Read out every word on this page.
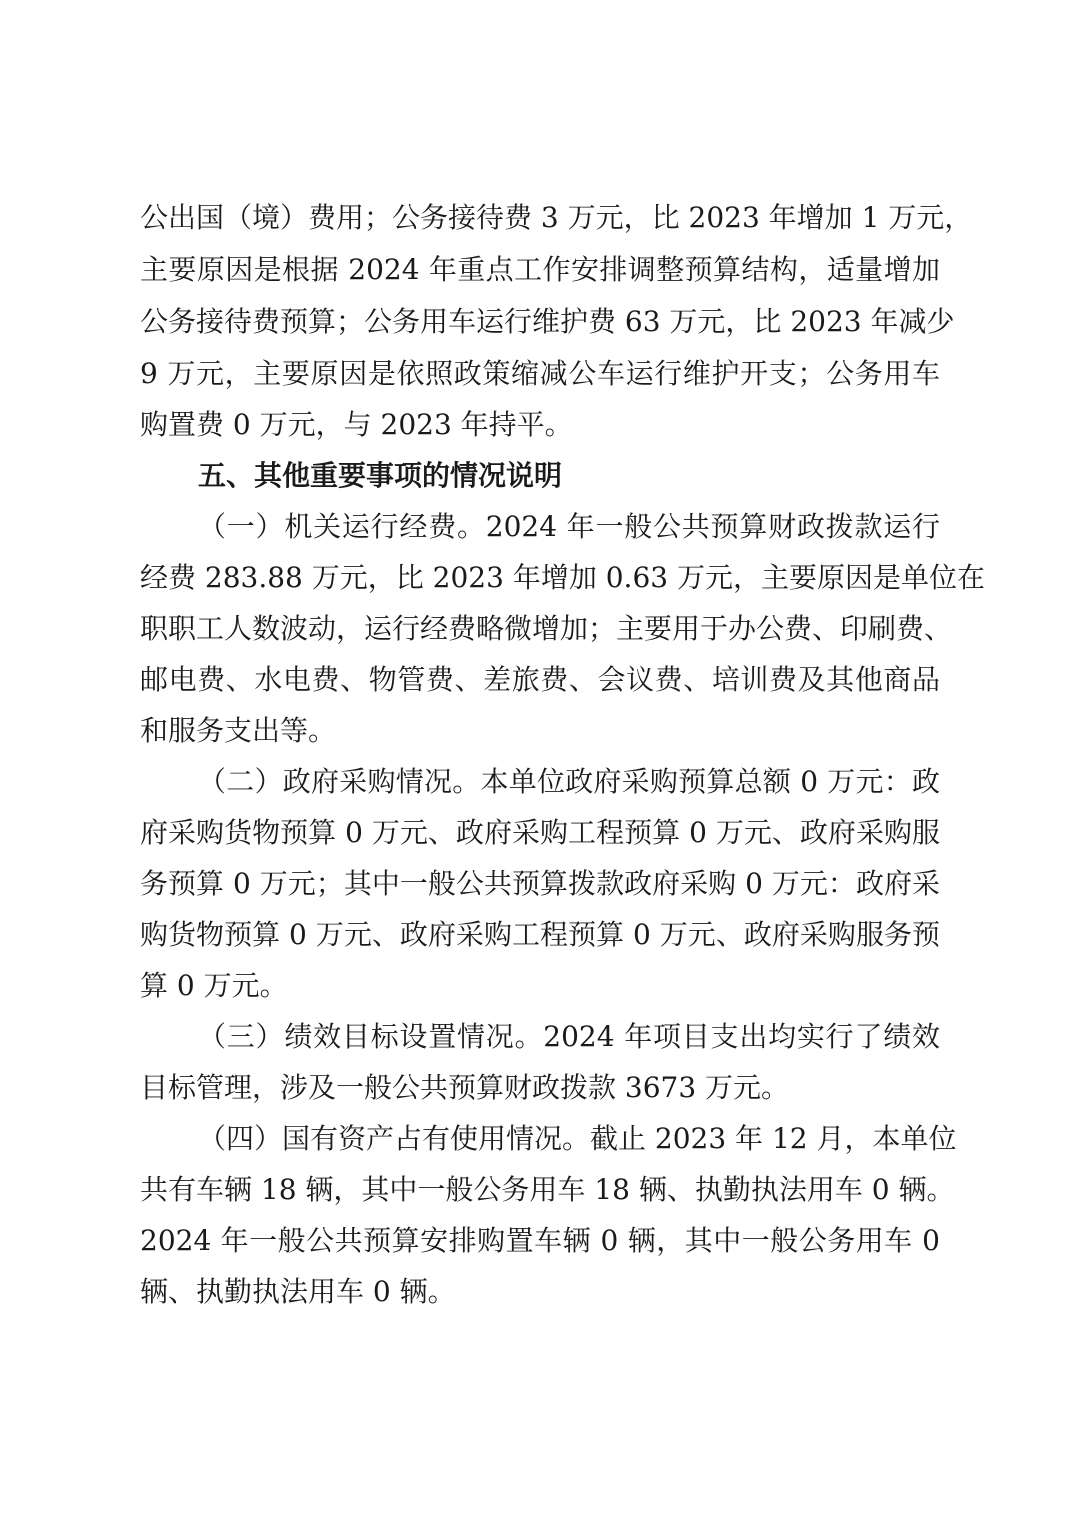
公出国（境）费用；公务接待费 3 万元，比 2023 年增加 1 万元，
主要原因是根据 2024 年重点工作安排调整预算结构，适量增加
公务接待费预算；公务用车运行维护费 63 万元，比 2023 年减少
9 万元，主要原因是依照政策缩减公车运行维护开支；公务用车
购置费 0 万元，与 2023 年持平。
五、其他重要事项的情况说明
（一）机关运行经费。2024 年一般公共预算财政拨款运行
经费 283.88 万元，比 2023 年增加 0.63 万元，主要原因是单位在
职职工人数波动，运行经费略微增加；主要用于办公费、印刷费、
邮电费、水电费、物管费、差旅费、会议费、培训费及其他商品
和服务支出等。
（二）政府采购情况。本单位政府采购预算总额 0 万元：政
府采购货物预算 0 万元、政府采购工程预算 0 万元、政府采购服
务预算 0 万元；其中一般公共预算拨款政府采购 0 万元：政府采
购货物预算 0 万元、政府采购工程预算 0 万元、政府采购服务预
算 0 万元。
（三）绩效目标设置情况。2024 年项目支出均实行了绩效
目标管理，涉及一般公共预算财政拨款 3673 万元。
（四）国有资产占有使用情况。截止 2023 年 12 月，本单位
共有车辆 18 辆，其中一般公务用车 18 辆、执勤执法用车 0 辆。
2024 年一般公共预算安排购置车辆 0 辆，其中一般公务用车 0
辆、执勤执法用车 0 辆。
